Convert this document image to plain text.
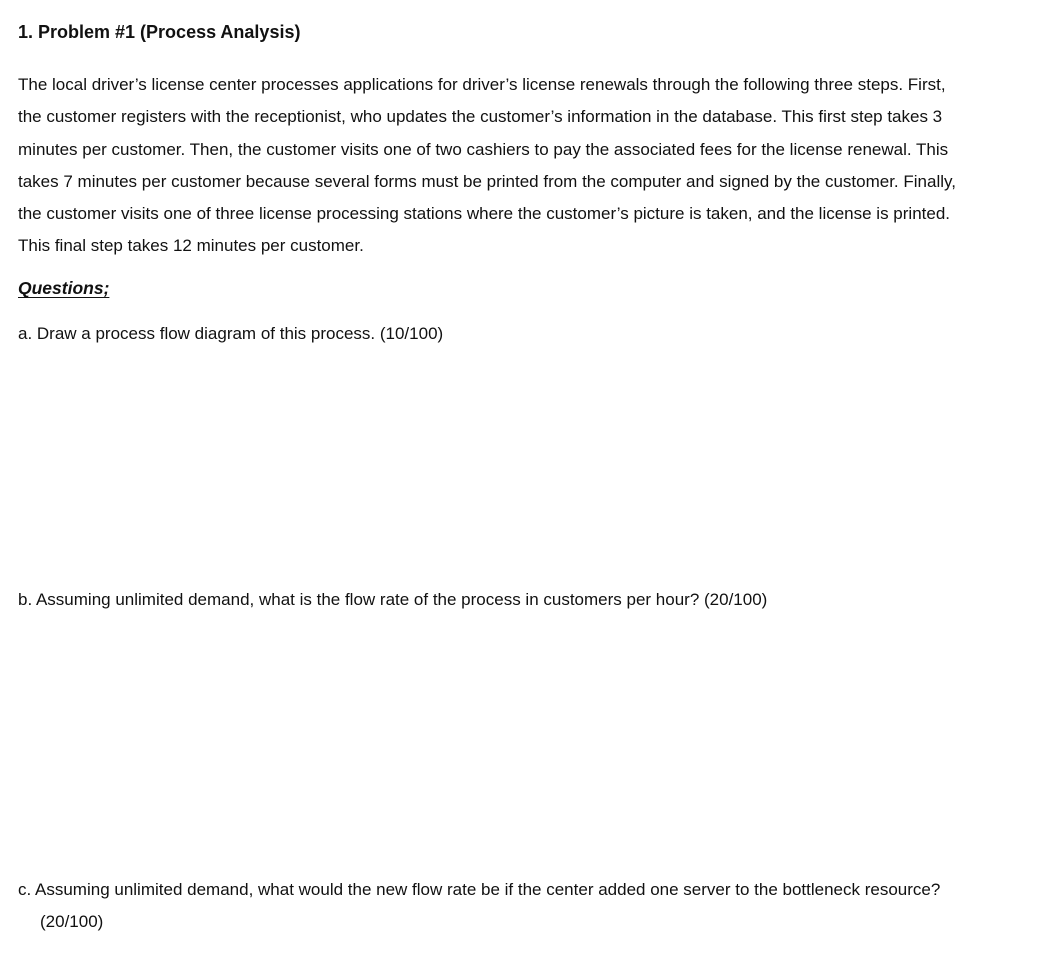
1. Problem #1 (Process Analysis)

The local driver’s license center processes applications for driver’s license renewals through the following three steps. First,
the customer registers with the receptionist, who updates the customer’s information in the database. This first step takes 3
minutes per customer. Then, the customer visits one of two cashiers to pay the associated fees for the license renewal. This
takes 7 minutes per customer because several forms must be printed from the computer and signed by the customer. Finally,
the customer visits one of three license processing stations where the customer’s picture is taken, and the license is printed.
This final step takes 12 minutes per customer.

Questions;

a. Draw a process flow diagram of this process. (10/100)

b. Assuming unlimited demand, what is the flow rate of the process in customers per hour? (20/100)

c. Assuming unlimited demand, what would the new flow rate be if the center added one server to the bottleneck resource?
(20/100)
